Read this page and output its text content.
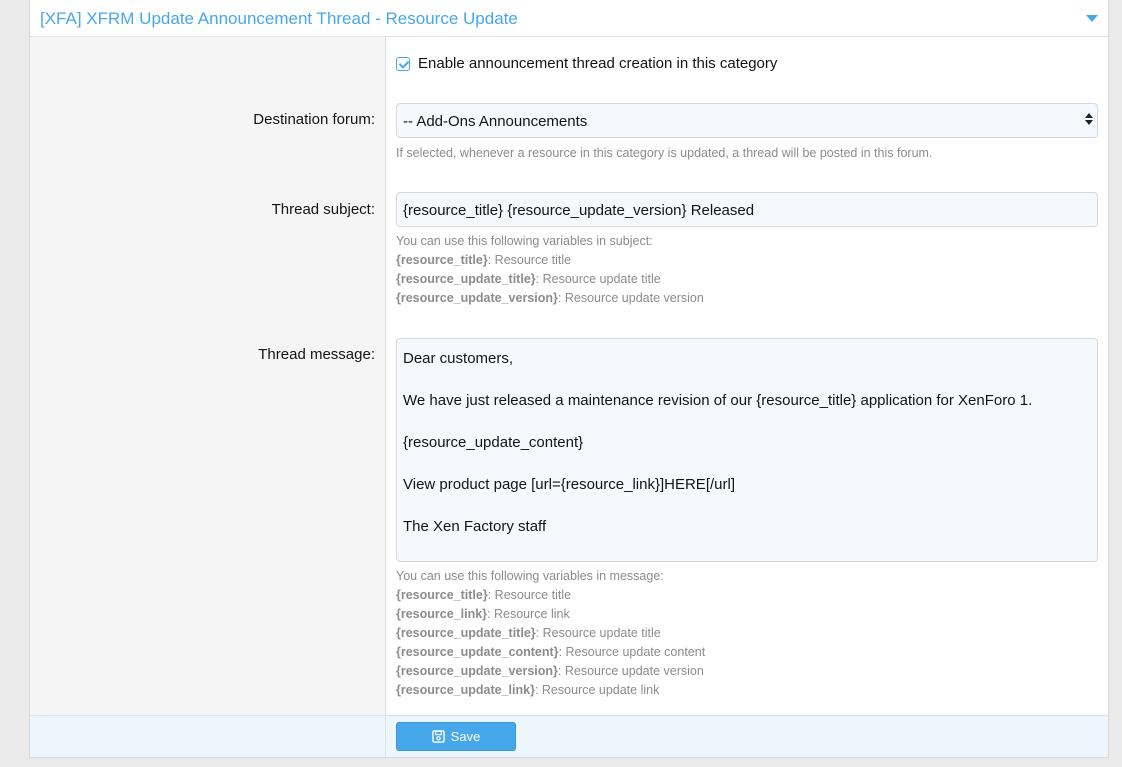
[XFA] XFRM Update Announcement Thread - Resource Update
Destination forum:
Thread subject:
Thread message:
Enable announcement thread creation in this category
-- Add-Ons Announcements
If selected, whenever a resource in this category is updated, a thread will be posted in this forum.
{resource_title} {resource_update_version} Released
You can use this following variables in subject:
{resource_title}: Resource title
{resource_update_title}: Resource update title
{resource_update_version}: Resource update version

Dear customers,

We have just released a maintenance revision of our {resource_title} application for XenForo 1.

{resource_update_content}

View product page [url={resource_link}]HERE[/url]

The Xen Factory staff

You can use this following variables in message:
{resource_title}: Resource title
{resource_link}: Resource link
{resource_update_title}: Resource update title
{resource_update_content}: Resource update content
{resource_update_version}: Resource update version
{resource_update_link}: Resource update link
Save
